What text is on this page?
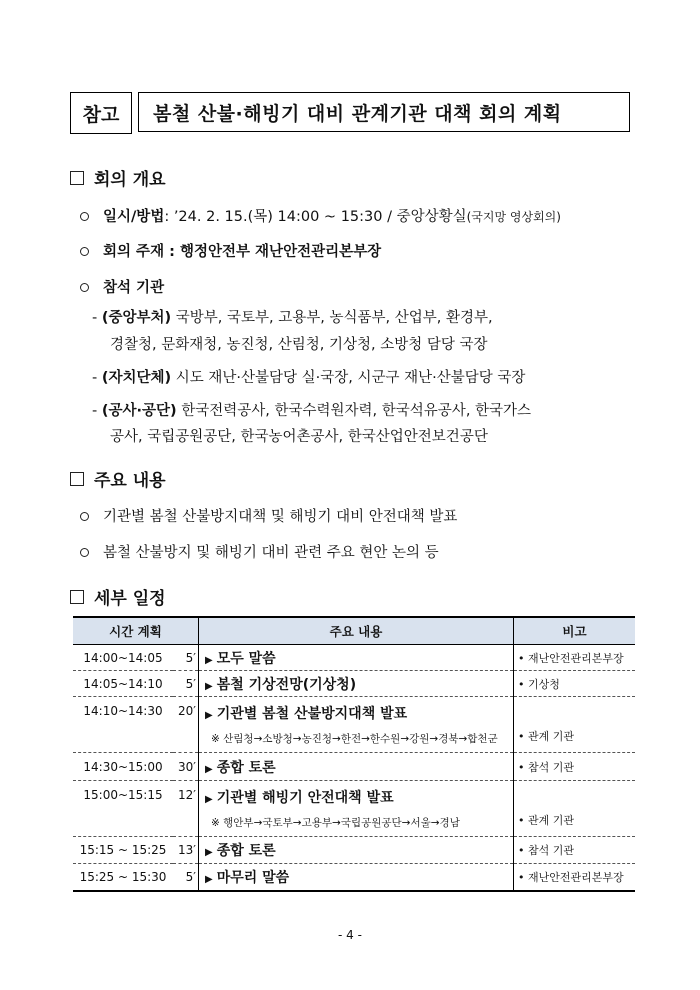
참고	봄철 산불·해빙기 대비 관계기관 대책 회의 계획
회의 개요
일시/방법: ’24. 2. 15.(목) 14:00 ~ 15:30 / 중앙상황실(국지망 영상회의)
회의 주재 : 행정안전부 재난안전관리본부장
참석 기관
- (중앙부처) 국방부, 국토부, 고용부, 농식품부, 산업부, 환경부,
경찰청, 문화재청, 농진청, 산림청, 기상청, 소방청 담당 국장
- (자치단체) 시도 재난·산불담당 실·국장, 시군구 재난·산불담당 국장
- (공사·공단) 한국전력공사, 한국수력원자력, 한국석유공사, 한국가스
공사, 국립공원공단, 한국농어촌공사, 한국산업안전보건공단
주요 내용
기관별 봄철 산불방지대책 및 해빙기 대비 안전대책 발표
봄철 산불방지 및 해빙기 대비 관련 주요 현안 논의 등
세부 일정
시간 계획		주요 내용	비고
14:00~14:05	5′	▶ 모두 말씀	• 재난안전관리본부장
14:05~14:10	5′	▶ 봄철 기상전망(기상청)	• 기상청
14:10~14:30	20′	▶ 기관별 봄철 산불방지대책 발표
※ 산림청→소방청→농진청→한전→한수원→강원→경북→합천군	• 관계 기관
14:30~15:00	30′	▶ 종합 토론	• 참석 기관
15:00~15:15	12′	▶ 기관별 해빙기 안전대책 발표
※ 행안부→국토부→고용부→국립공원공단→서울→경남	• 관계 기관
15:15 ~ 15:25	13′	▶ 종합 토론	• 참석 기관
15:25 ~ 15:30	5′	▶ 마무리 말씀	• 재난안전관리본부장
- 4 -
